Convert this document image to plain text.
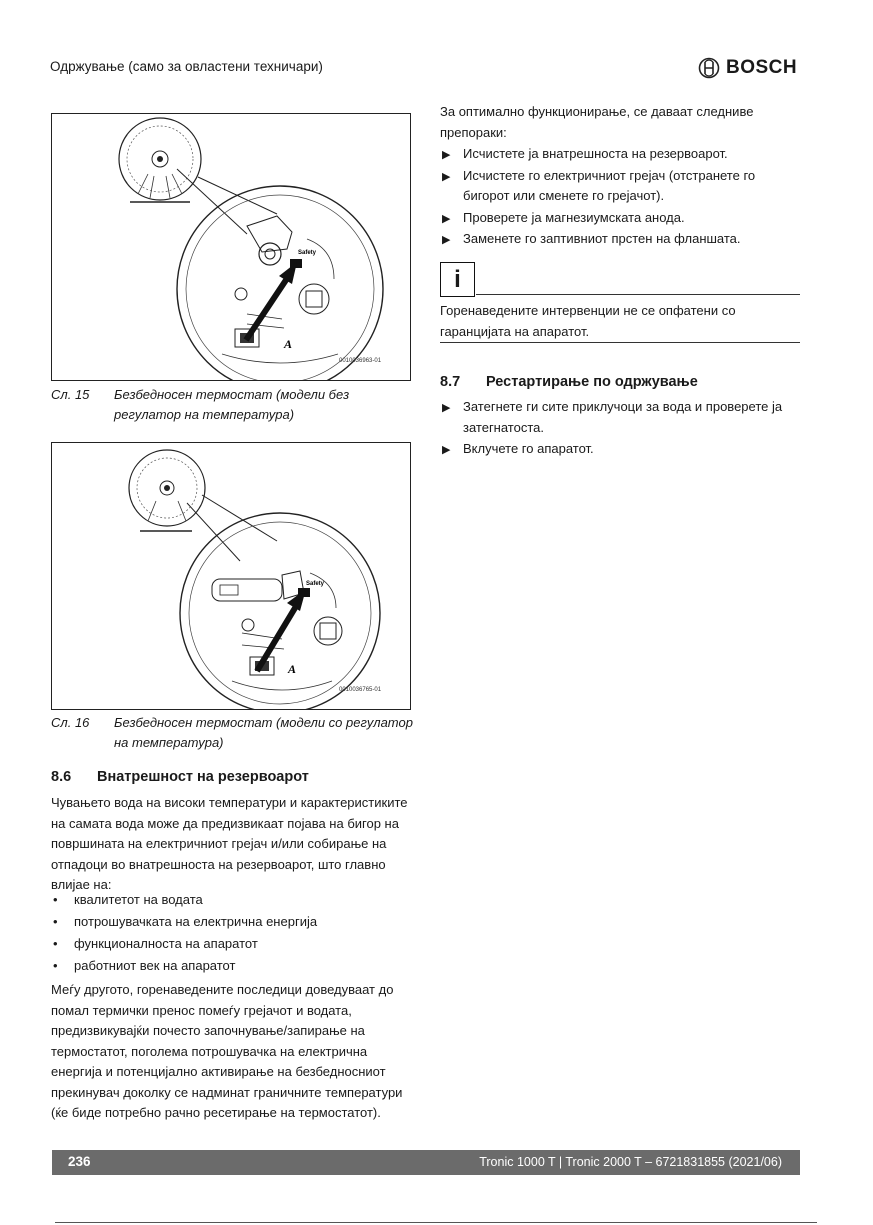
Одржување (само за овластени техничари)	BOSCH
Safety
A
0010036963-01
Сл. 15 Безбедносен термостат (модели без регулатор на температура)
Safety
A
0010036765-01
Сл. 16 Безбедносен термостат (модели со регулатор на температура)
8.6 Внатрешност на резервоарот
Чувањето вода на високи температури и карактеристиките на самата вода може да предизвикаат појава на бигор на површината на електричниот грејач и/или собирање на отпадоци во внатрешноста на резервоарот, што главно влијае на:
• квалитетот на водата
• потрошувачката на електрична енергија
• функционалноста на апаратот
• работниот век на апаратот
Меѓу другото, горенаведените последици доведуваат до помал термички пренос помеѓу грејачот и водата, предизвикувајќи почесто започнување/запирање на термостатот, поголема потрошувачка на електрична енергија и потенцијално активирање на безбедносниот прекинувач доколку се надминат граничните температури (ќе биде потребно рачно ресетирање на термостатот).
За оптимално функционирање, се даваат следниве препораки:
▶ Исчистете ја внатрешноста на резервоарот.
▶ Исчистете го електричниот грејач (отстранете го бигорот или сменете го грејачот).
▶ Проверете ја магнезиумската анода.
▶ Заменете го заптивниот прстен на фланшата.
i
Горенаведените интервенции не се опфатени со гаранцијата на апаратот.
8.7 Рестартирање по одржување
▶ Затегнете ги сите приклучоци за вода и проверете ја затегнатоста.
▶ Вклучете го апаратот.
236	Tronic 1000 T | Tronic 2000 T – 6721831855 (2021/06)
